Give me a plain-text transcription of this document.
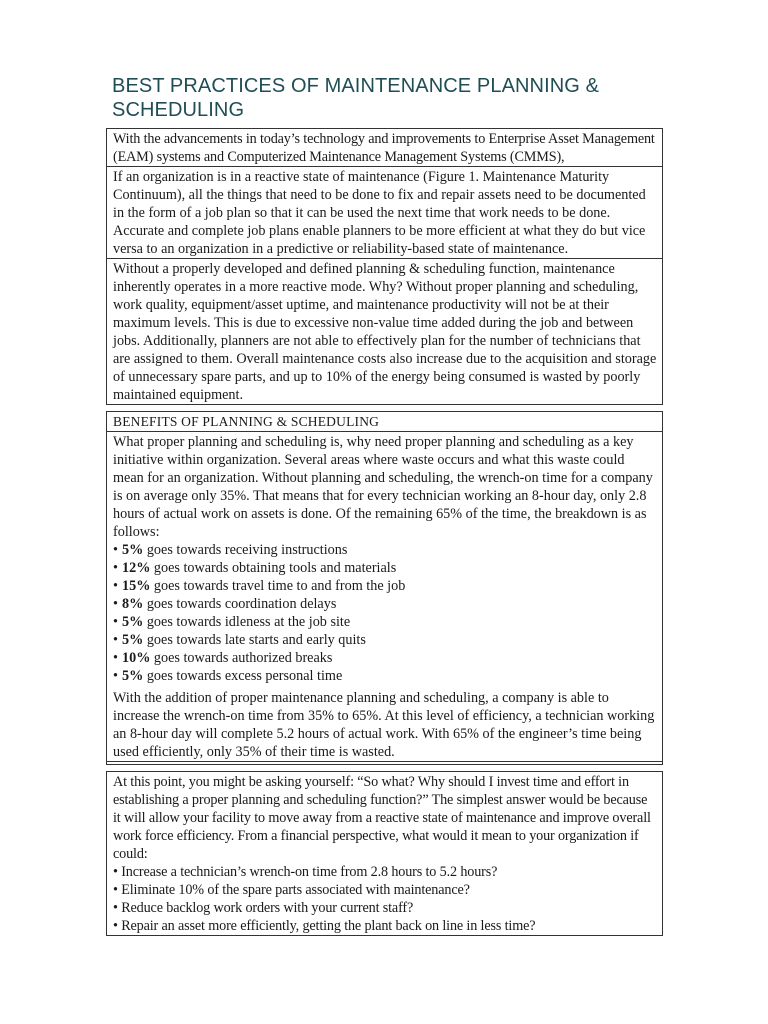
BEST PRACTICES OF MAINTENANCE PLANNING & SCHEDULING

With the advancements in today’s technology and improvements to Enterprise Asset Management (EAM) systems and Computerized Maintenance Management Systems (CMMS),

If an organization is in a reactive state of maintenance (Figure 1. Maintenance Maturity Continuum), all the things that need to be done to fix and repair assets need to be documented in the form of a job plan so that it can be used the next time that work needs to be done. Accurate and complete job plans enable planners to be more efficient at what they do but vice versa to an organization in a predictive or reliability-based state of maintenance.

Without a properly developed and defined planning & scheduling function, maintenance inherently operates in a more reactive mode. Why? Without proper planning and scheduling, work quality, equipment/asset uptime, and maintenance productivity will not be at their maximum levels. This is due to excessive non-value time added during the job and between jobs. Additionally, planners are not able to effectively plan for the number of technicians that are assigned to them. Overall maintenance costs also increase due to the acquisition and storage of unnecessary spare parts, and up to 10% of the energy being consumed is wasted by poorly maintained equipment.

BENEFITS OF PLANNING & SCHEDULING

What proper planning and scheduling is, why need proper planning and scheduling as a key initiative within organization. Several areas where waste occurs and what this waste could mean for an organization. Without planning and scheduling, the wrench-on time for a company is on average only 35%. That means that for every technician working an 8-hour day, only 2.8 hours of actual work on assets is done. Of the remaining 65% of the time, the breakdown is as follows:

• 5% goes towards receiving instructions
• 12% goes towards obtaining tools and materials
• 15% goes towards travel time to and from the job
• 8% goes towards coordination delays
• 5% goes towards idleness at the job site
• 5% goes towards late starts and early quits
• 10% goes towards authorized breaks
• 5% goes towards excess personal time

With the addition of proper maintenance planning and scheduling, a company is able to increase the wrench-on time from 35% to 65%. At this level of efficiency, a technician working an 8-hour day will complete 5.2 hours of actual work. With 65% of the engineer’s time being used efficiently, only 35% of their time is wasted.

At this point, you might be asking yourself: “So what? Why should I invest time and effort in establishing a proper planning and scheduling function?” The simplest answer would be because it will allow your facility to move away from a reactive state of maintenance and improve overall work force efficiency. From a financial perspective, what would it mean to your organization if could:

• Increase a technician’s wrench-on time from 2.8 hours to 5.2 hours?
• Eliminate 10% of the spare parts associated with maintenance?
• Reduce backlog work orders with your current staff?
• Repair an asset more efficiently, getting the plant back on line in less time?
